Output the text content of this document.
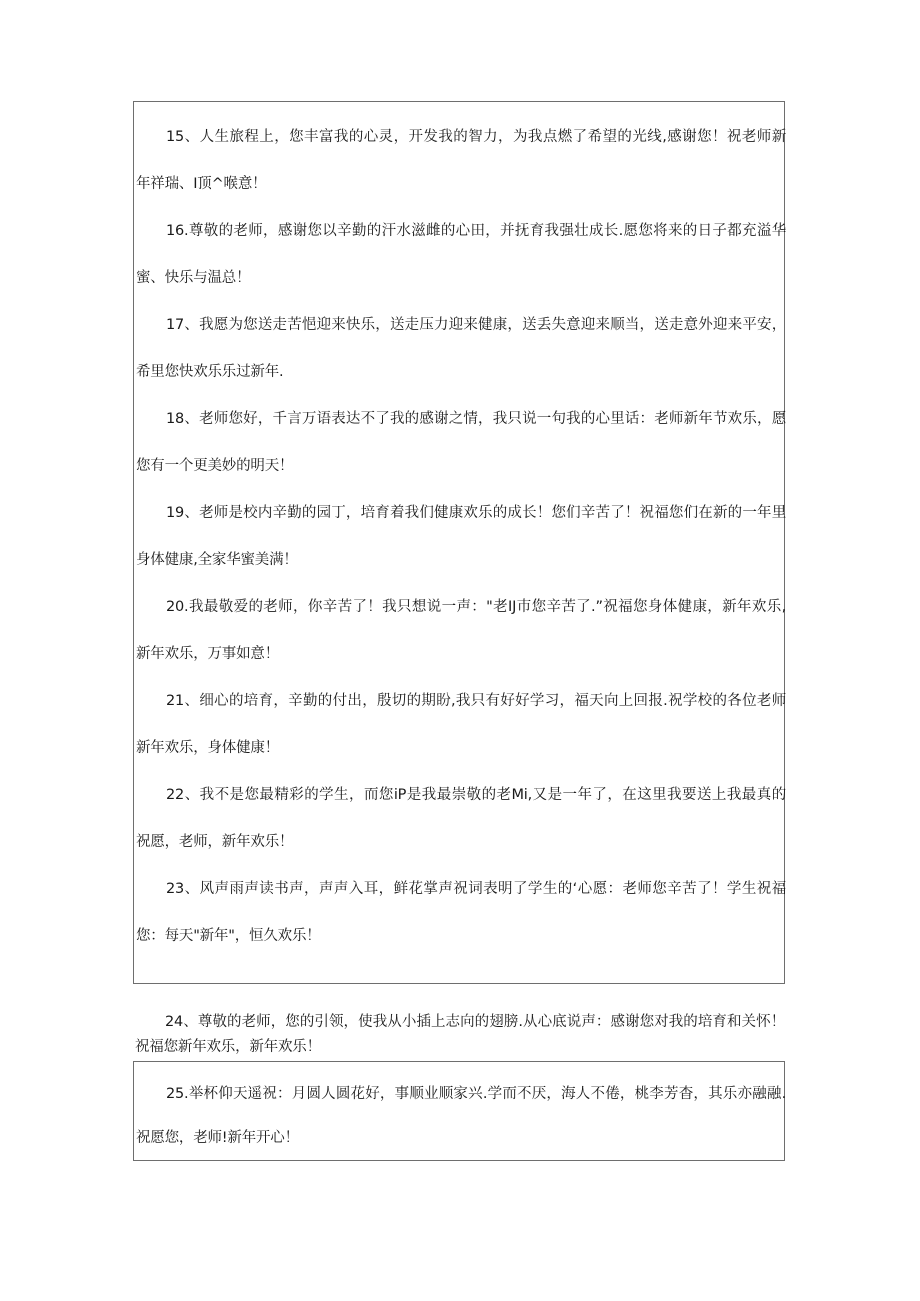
15、人生旅程上，您丰富我的心灵，开发我的智力，为我点燃了希望的光线,感谢您！祝老师新
年祥瑞、I顶^喉意！
16.尊敬的老师，感谢您以辛勤的汗水滋雌的心田，并抚育我强壮成长.愿您将来的日子都充溢华
蜜、快乐与温总！
17、我愿为您送走苦悒迎来快乐，送走压力迎来健康，送丢失意迎来顺当，送走意外迎来平安，
希里您快欢乐乐过新年.
18、老师您好，千言万语表达不了我的感谢之情，我只说一句我的心里话：老师新年节欢乐，愿
您有一个更美妙的明天！
19、老师是校内辛勤的园丁，培育着我们健康欢乐的成长！您们辛苦了！祝福您们在新的一年里
身体健康,全家华蜜美满！
20.我最敬爱的老师，你辛苦了！我只想说一声："老IJ巿您辛苦了.”祝福您身体健康，新年欢乐,
新年欢乐，万事如意！
21、细心的培育，辛勤的付出，殷切的期盼,我只有好好学习，福天向上回报.祝学校的各位老师
新年欢乐，身体健康！
22、我不是您最精彩的学生，而您iP是我最崇敬的老Mi,又是一年了，在这里我要送上我最真的
祝愿，老师，新年欢乐！
23、风声雨声读书声，声声入耳，鲜花掌声祝词表明了学生的‘心愿：老师您辛苦了！学生祝福
您：每天"新年"，恒久欢乐！
24、尊敬的老师，您的引领，使我从小插上志向的翅膀.从心底说声：感谢您对我的培育和关怀！
祝福您新年欢乐，新年欢乐！
25.举杯仰天遥祝：月圆人圆花好，事顺业顺家兴.学而不厌，海人不倦，桃李芳杳，其乐亦融融.
祝愿您，老师!新年开心！
